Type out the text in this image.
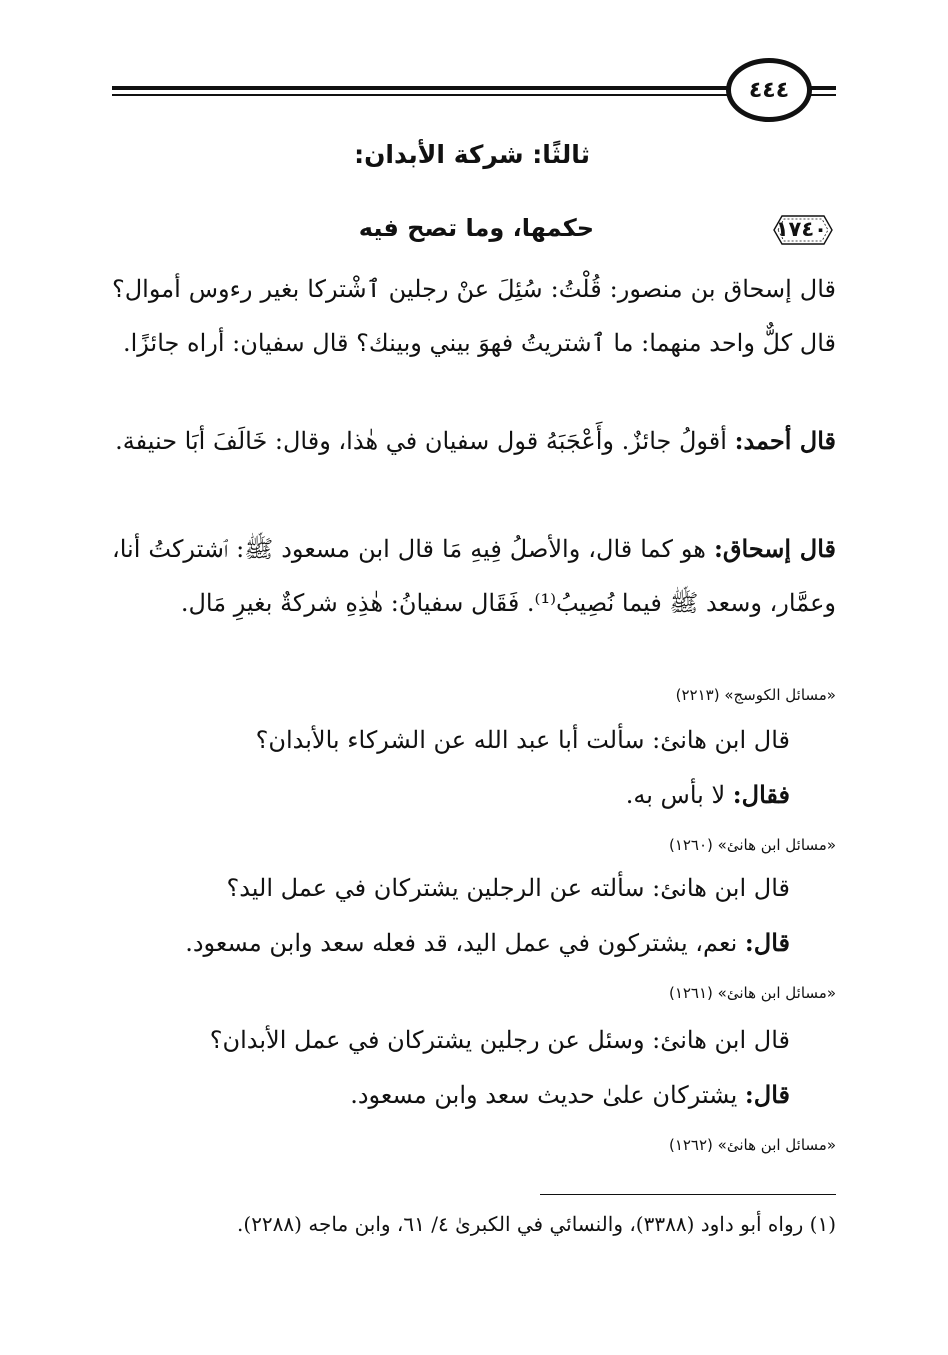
٤٤٤
ثالثًا: شركة الأبدان:
١٧٤٠
حكمها، وما تصح فيه
قال إسحاق بن منصور: قُلْتُ: سُئِلَ عنْ رجلين ٱشْتركا بغير رءوس أموال؟ قال كلٌّ واحد منهما: ما ٱشتريتُ فهوَ بيني وبينك؟ قال سفيان: أراه جائزًا.
قال أحمد: أقولُ جائزٌ. وأَعْجَبَهُ قول سفيان في هٰذا، وقال: خَالَفَ أبَا حنيفة.
قال إسحاق: هو كما قال، والأصلُ فِيهِ مَا قال ابن مسعود ﷺ: ٱشتركتُ أنا، وعمَّار، وسعد ﷺ فيما نُصِيبُ⁽¹⁾. فَقَال سفيانُ: هٰذِهِ شركةٌ بغيرِ مَال.
«مسائل الكوسج» (٢٢١٣)
قال ابن هانئ: سألت أبا عبد الله عن الشركاء بالأبدان؟
فقال: لا بأس به.
«مسائل ابن هانئ» (١٢٦٠)
قال ابن هانئ: سألته عن الرجلين يشتركان في عمل اليد؟
قال: نعم، يشتركون في عمل اليد، قد فعله سعد وابن مسعود.
«مسائل ابن هانئ» (١٢٦١)
قال ابن هانئ: وسئل عن رجلين يشتركان في عمل الأبدان؟
قال: يشتركان علىٰ حديث سعد وابن مسعود.
«مسائل ابن هانئ» (١٢٦٢)
(١) رواه أبو داود (٣٣٨٨)، والنسائي في الكبرىٰ ٤/ ٦١، وابن ماجه (٢٢٨٨).
